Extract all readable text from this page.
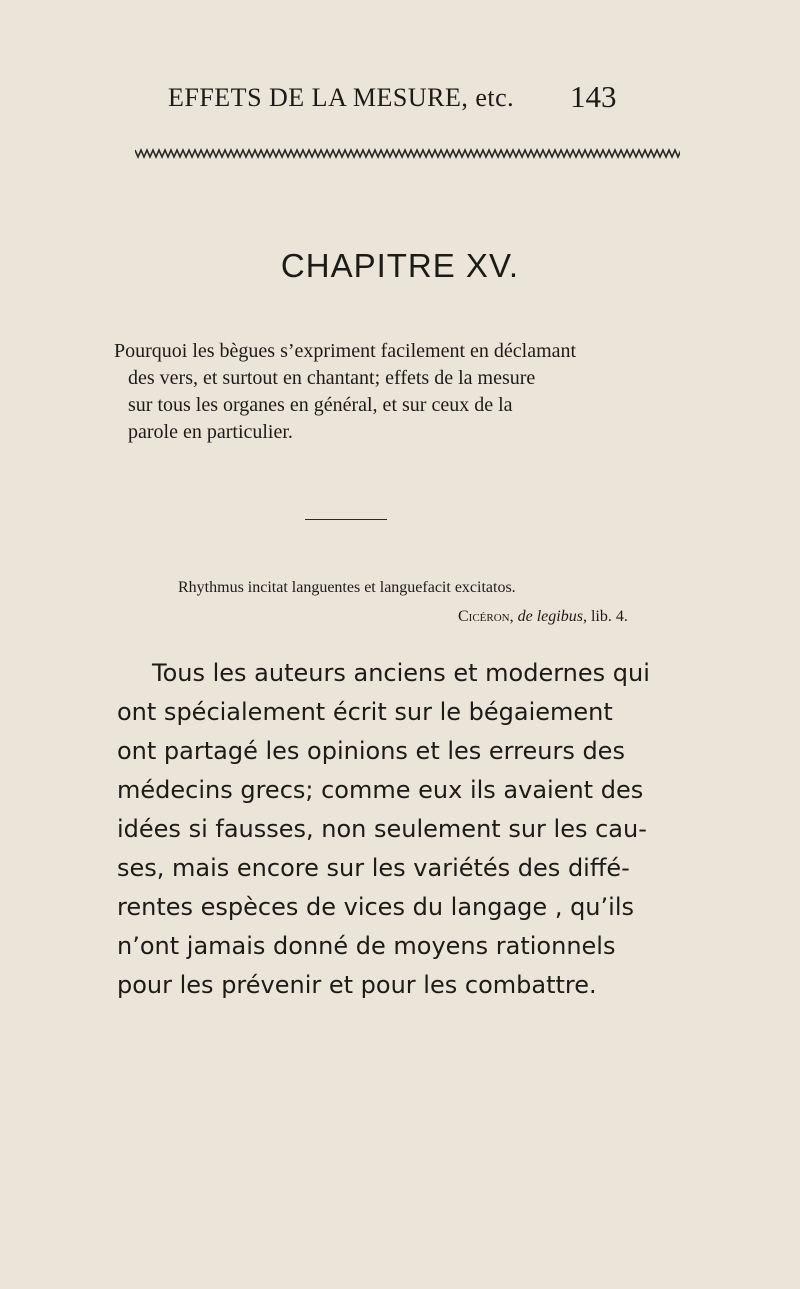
EFFETS DE LA MESURE, etc. 143
CHAPITRE XV.
Pourquoi les bègues s’expriment facilement en déclamant
des vers, et surtout en chantant; effets de la mesure
sur tous les organes en général, et sur ceux de la
parole en particulier.
Rhythmus incitat languentes et languefacit excitatos.
Cicéron, de legibus, lib. 4.
Tous les auteurs anciens et modernes qui
ont spécialement écrit sur le bégaiement
ont partagé les opinions et les erreurs des
médecins grecs; comme eux ils avaient des
idées si fausses, non seulement sur les cau-
ses, mais encore sur les variétés des diffé-
rentes espèces de vices du langage , qu’ils
n’ont jamais donné de moyens rationnels
pour les prévenir et pour les combattre.
